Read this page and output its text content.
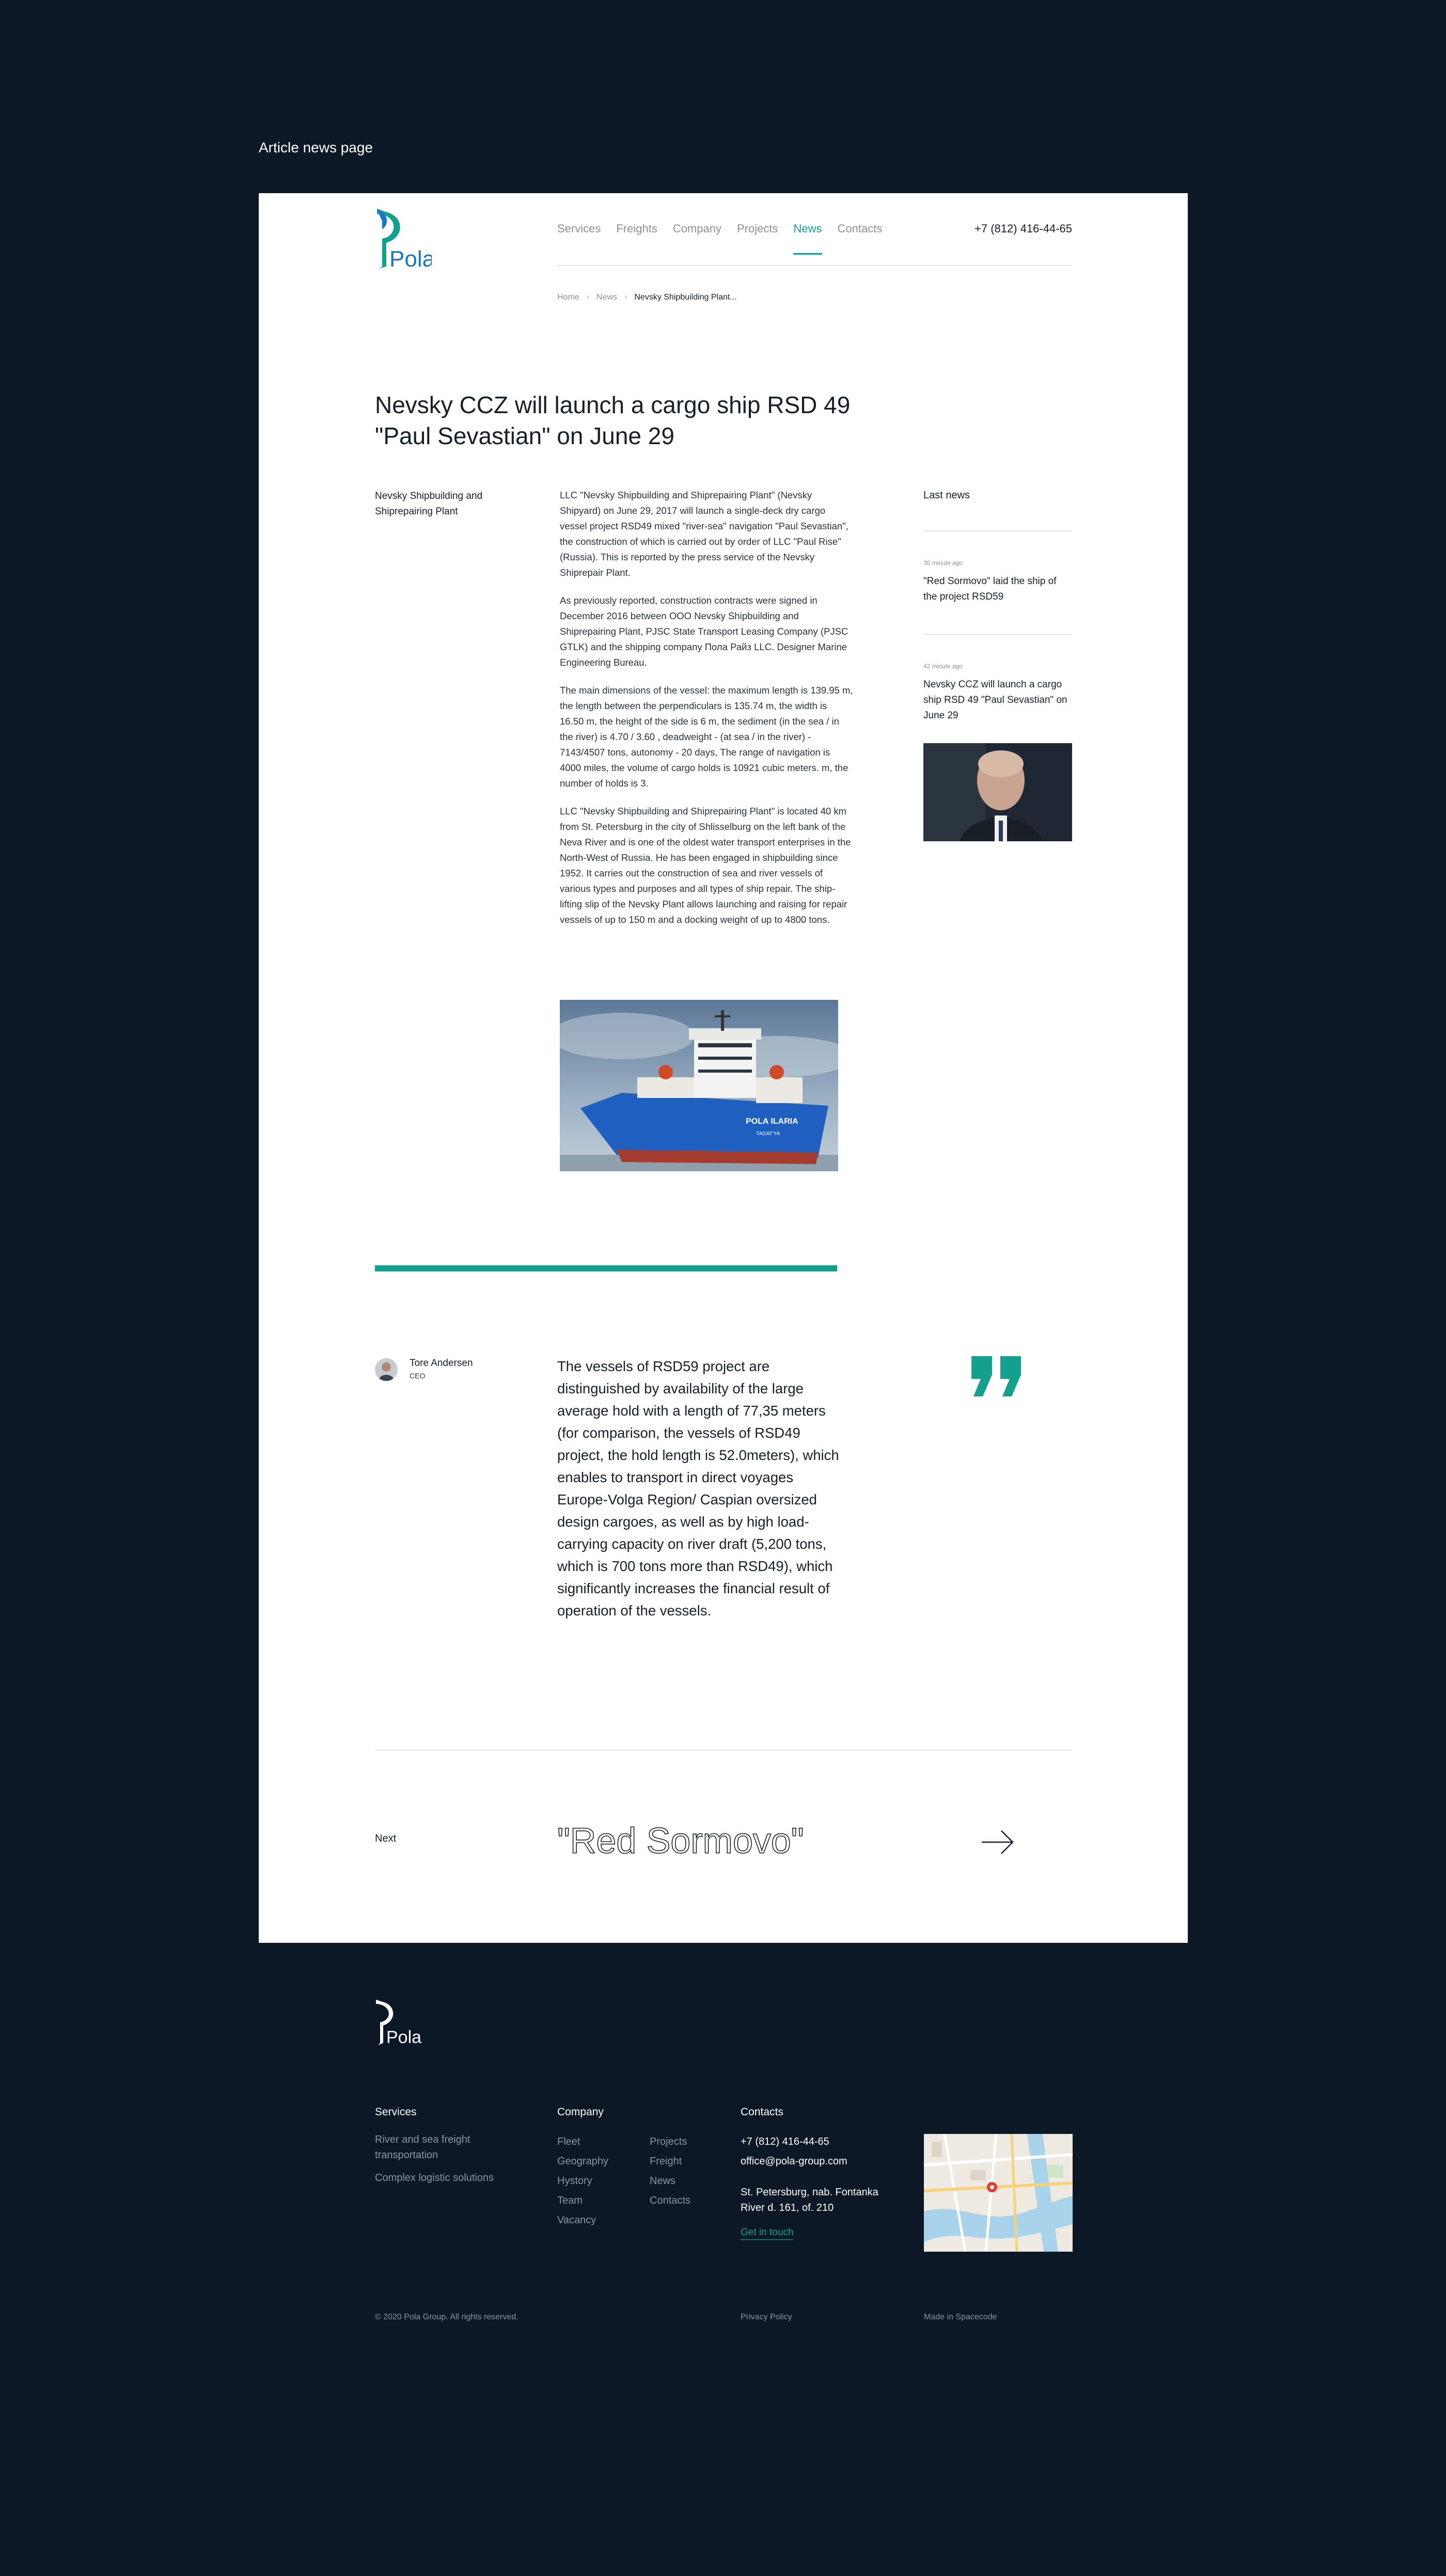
Article news page
Pola
Services Freights Company Projects News Contacts	+7 (812) 416-44-65
Home › News › Nevsky Shipbuilding Plant...
Nevsky CCZ will launch a cargo ship RSD 49 "Paul Sevastian" on June 29
Nevsky Shipbuilding and Shiprepairing Plant

LLC "Nevsky Shipbuilding and Shiprepairing Plant" (Nevsky Shipyard) on June 29, 2017 will launch a single-deck dry cargo vessel project RSD49 mixed "river-sea" navigation "Paul Sevastian", the construction of which is carried out by order of LLC "Paul Rise" (Russia). This is reported by the press service of the Nevsky Shiprepair Plant.

As previously reported, construction contracts were signed in December 2016 between OOO Nevsky Shipbuilding and Shiprepairing Plant, PJSC State Transport Leasing Company (PJSC GTLK) and the shipping company Пола Райз LLC. Designer Marine Engineering Bureau.

The main dimensions of the vessel: the maximum length is 139.95 m, the length between the perpendiculars is 135.74 m, the width is 16.50 m, the height of the side is 6 m, the sediment (in the sea / in the river) is 4.70 / 3.60 , deadweight - (at sea / in the river) - 7143/4507 tons, autonomy - 20 days, The range of navigation is 4000 miles, the volume of cargo holds is 10921 cubic meters. m, the number of holds is 3.

LLC "Nevsky Shipbuilding and Shiprepairing Plant" is located 40 km from St. Petersburg in the city of Shlisselburg on the left bank of the Neva River and is one of the oldest water transport enterprises in the North-West of Russia. He has been engaged in shipbuilding since 1952. It carries out the construction of sea and river vessels of various types and purposes and all types of ship repair. The ship-lifting slip of the Nevsky Plant allows launching and raising for repair vessels of up to 150 m and a docking weight of up to 4800 tons.

POLA ILARIA
TAGAT'YA
Last news
30 minute ago
"Red Sormovo" laid the ship of the project RSD59
42 minute ago
Nevsky CCZ will launch a cargo ship RSD 49 "Paul Sevastian" on June 29
Tore Andersen
CEO
The vessels of RSD59 project are distinguished by availability of the large average hold with a length of 77,35 meters (for comparison, the vessels of RSD49 project, the hold length is 52.0meters), which enables to transport in direct voyages Europe-Volga Region/ Caspian oversized design cargoes, as well as by high load-carrying capacity on river draft (5,200 tons, which is 700 tons more than RSD49), which significantly increases the financial result of operation of the vessels.
Next	"Red Sormovo"
Pola
Services
River and sea freight transportation
Complex logistic solutions
Company
Fleet
Geography
Hystory
Team
Vacancy
Projects
Freight
News
Contacts
Contacts
+7 (812) 416-44-65
office@pola-group.com
St. Petersburg, nab. Fontanka River d. 161, of. 210
Get in touch
© 2020 Pola Group. All rights reserved.	Privacy Policy	Made in Spacecode
